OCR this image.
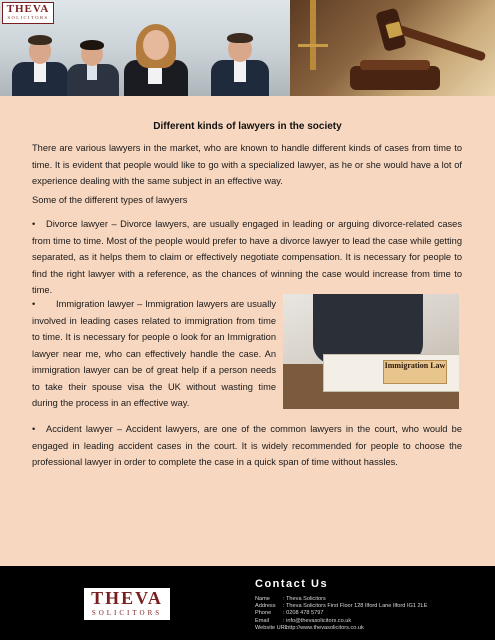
THEVA
SOLICITORS
Different kinds of lawyers in the society
There are various lawyers in the market, who are known to handle different kinds of cases from time to time. It is evident that people would like to go with a specialized lawyer, as he or she would have a lot of experience dealing with the same subject in an effective way.
Some of the different types of lawyers
• Divorce lawyer – Divorce lawyers, are usually engaged in leading or arguing divorce-related cases from time to time. Most of the people would prefer to have a divorce lawyer to lead the case while getting separated, as it helps them to claim or effectively negotiate compensation. It is necessary for people to find the right lawyer with a reference, as the chances of winning the case would increase from time to time.
• Immigration lawyer – Immigration lawyers are usually involved in leading cases related to immigration from time to time. It is necessary for people o look for an Immigration lawyer near me, who can effectively handle the case. An immigration lawyer can be of great help if a person needs to take their spouse visa the UK without wasting time during the process in an effective way.
Immigration Law
• Accident lawyer – Accident lawyers, are one of the common lawyers in the court, who would be engaged in leading accident cases in the court. It is widely recommended for people to choose the professional lawyer in order to complete the case in a quick span of time without hassles.
THEVA
SOLICITORS
Contact Us
Name : Theva Solicitors
Address : Theva Solicitors First Floor 128 Ilford Lane Ilford IG1 2LE
Phone : 0208 478 5797
Email	: info@thevasolicitors.co.uk
Website URL: http://www.thevasolicitors.co.uk
